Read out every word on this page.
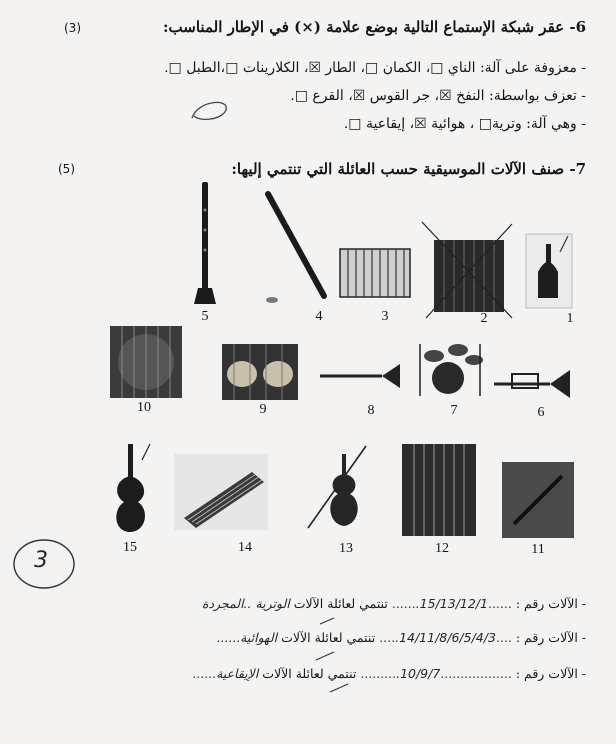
6- عقر شبكة الإستماع التالية بوضع علامة (×) في الإطار المناسب:
(3)
- معزوفة على آلة: الناي □، الكمان □، الطار ☒، الكلارينات □،الطبل □.
- تعزف بواسطة: النفخ ☒، جر القوس ☒، القرع □.
- وهي آلة: وترية□ ، هوائية ☒، إيقاعية □.
7- صنف الآلات الموسيقية حسب العائلة التي تنتمي إليها:
(5)
5	4	3	2	1
10	9	8	7	6
15	14	13	12	11
3
- الآلات رقم : ......15/13/12/1....... تنتمي لعائلة الآلات الوترية ..المجردة
- الآلات رقم : ....14/11/8/6/5/4/3..... تنتمي لعائلة الآلات الهوائية......
- الآلات رقم : ..................10/9/7.......... تنتمي لعائلة الآلات الإيقاعية......
